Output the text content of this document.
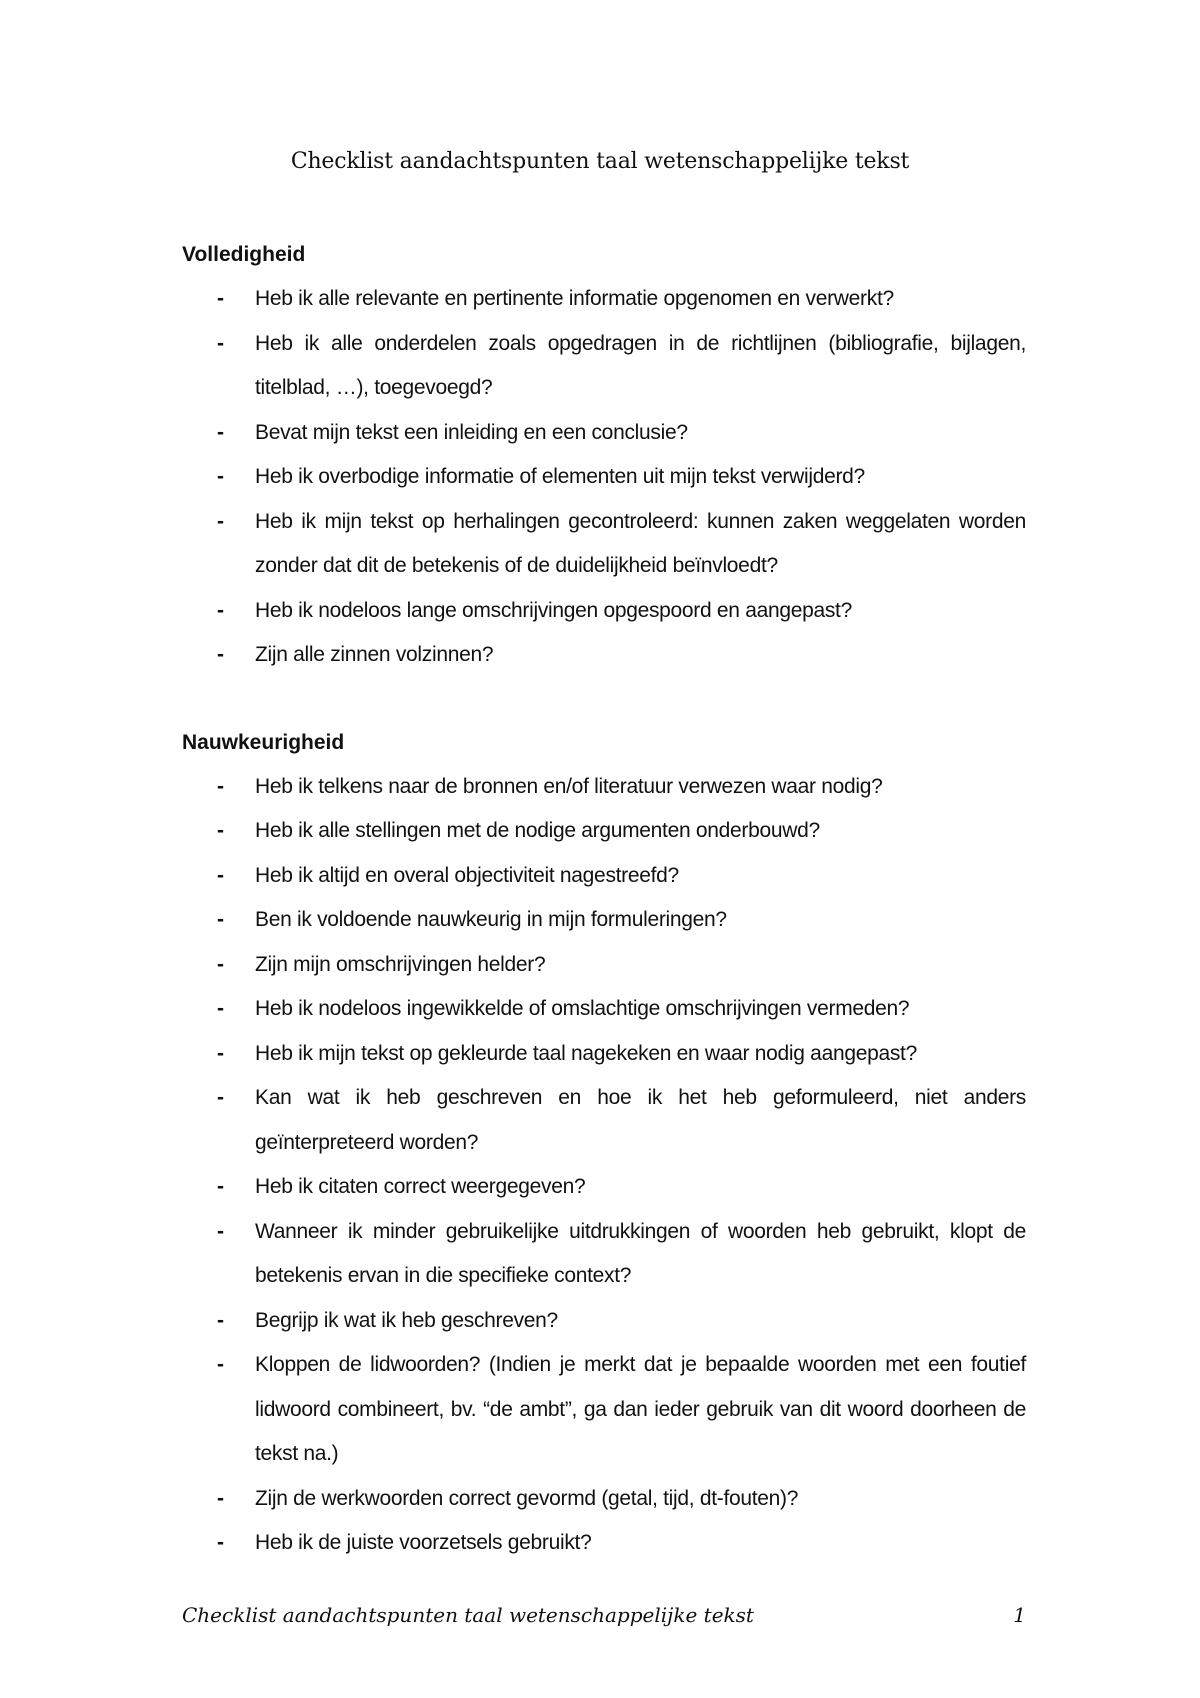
Checklist aandachtspunten taal wetenschappelijke tekst
Volledigheid
- Heb ik alle relevante en pertinente informatie opgenomen en verwerkt?
- Heb ik alle onderdelen zoals opgedragen in de richtlijnen (bibliografie, bijlagen, titelblad, …), toegevoegd?
- Bevat mijn tekst een inleiding en een conclusie?
- Heb ik overbodige informatie of elementen uit mijn tekst verwijderd?
- Heb ik mijn tekst op herhalingen gecontroleerd: kunnen zaken weggelaten worden zonder dat dit de betekenis of de duidelijkheid beïnvloedt?
- Heb ik nodeloos lange omschrijvingen opgespoord en aangepast?
- Zijn alle zinnen volzinnen?
Nauwkeurigheid
- Heb ik telkens naar de bronnen en/of literatuur verwezen waar nodig?
- Heb ik alle stellingen met de nodige argumenten onderbouwd?
- Heb ik altijd en overal objectiviteit nagestreefd?
- Ben ik voldoende nauwkeurig in mijn formuleringen?
- Zijn mijn omschrijvingen helder?
- Heb ik nodeloos ingewikkelde of omslachtige omschrijvingen vermeden?
- Heb ik mijn tekst op gekleurde taal nagekeken en waar nodig aangepast?
- Kan wat ik heb geschreven en hoe ik het heb geformuleerd, niet anders geïnterpreteerd worden?
- Heb ik citaten correct weergegeven?
- Wanneer ik minder gebruikelijke uitdrukkingen of woorden heb gebruikt, klopt de betekenis ervan in die specifieke context?
- Begrijp ik wat ik heb geschreven?
- Kloppen de lidwoorden? (Indien je merkt dat je bepaalde woorden met een foutief lidwoord combineert, bv. “de ambt”, ga dan ieder gebruik van dit woord doorheen de tekst na.)
- Zijn de werkwoorden correct gevormd (getal, tijd, dt-fouten)?
- Heb ik de juiste voorzetsels gebruikt?
Checklist aandachtspunten taal wetenschappelijke tekst	1
